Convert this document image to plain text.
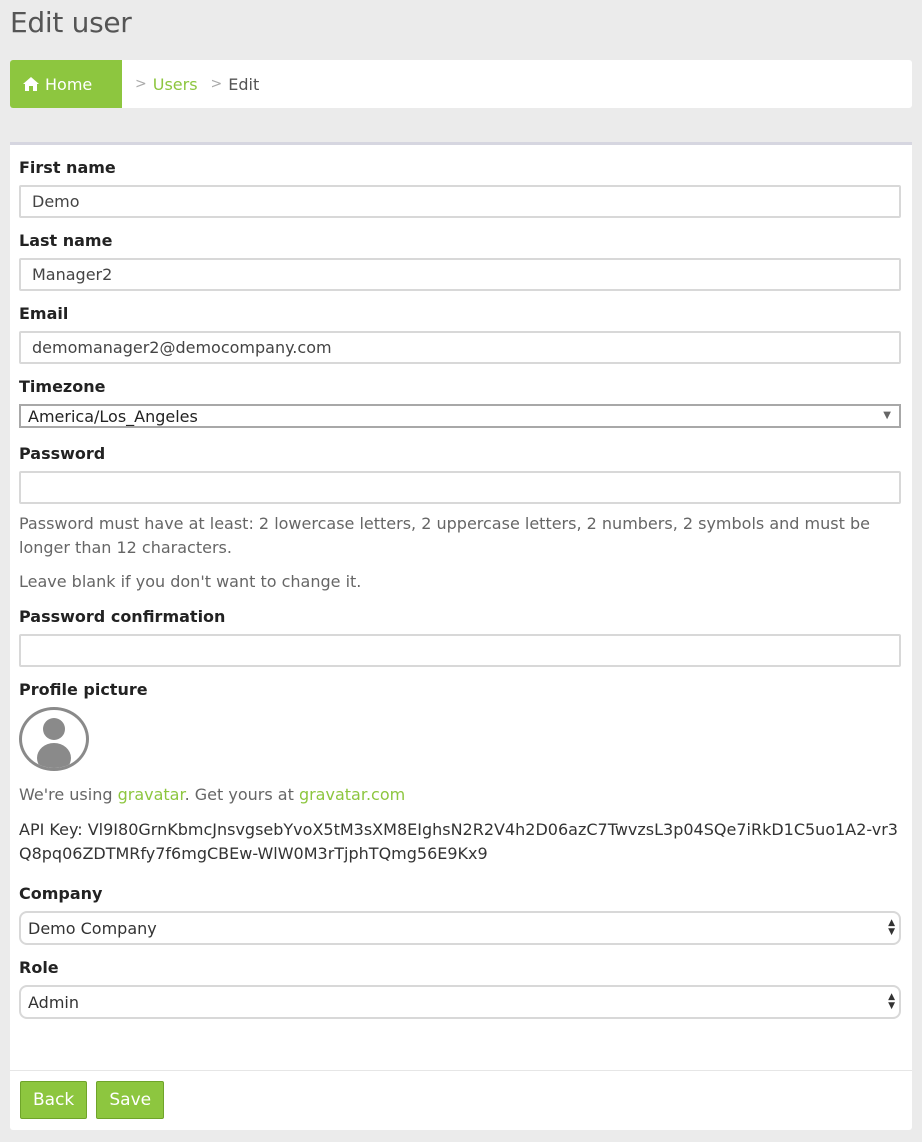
Edit user
Home	> Users > Edit
First name
Demo
Last name
Manager2
Email
demomanager2@democompany.com
Timezone
America/Los_Angeles	▼
Password

Password must have at least: 2 lowercase letters, 2 uppercase letters, 2 numbers, 2 symbols and must be longer than 12 characters.

Leave blank if you don't want to change it.

Password confirmation
Profile picture
We're using gravatar. Get yours at gravatar.com
API Key: Vl9I80GrnKbmcJnsvgsebYvoX5tM3sXM8EIghsN2R2V4h2D06azC7TwvzsL3p04SQe7iRkD1C5uo1A2-vr3Q8pq06ZDTMRfy7f6mgCBEw-WlW0M3rTjphTQmg56E9Kx9
Company
Demo Company	▲
▼
Role
Admin	▲
▼
Back Save
